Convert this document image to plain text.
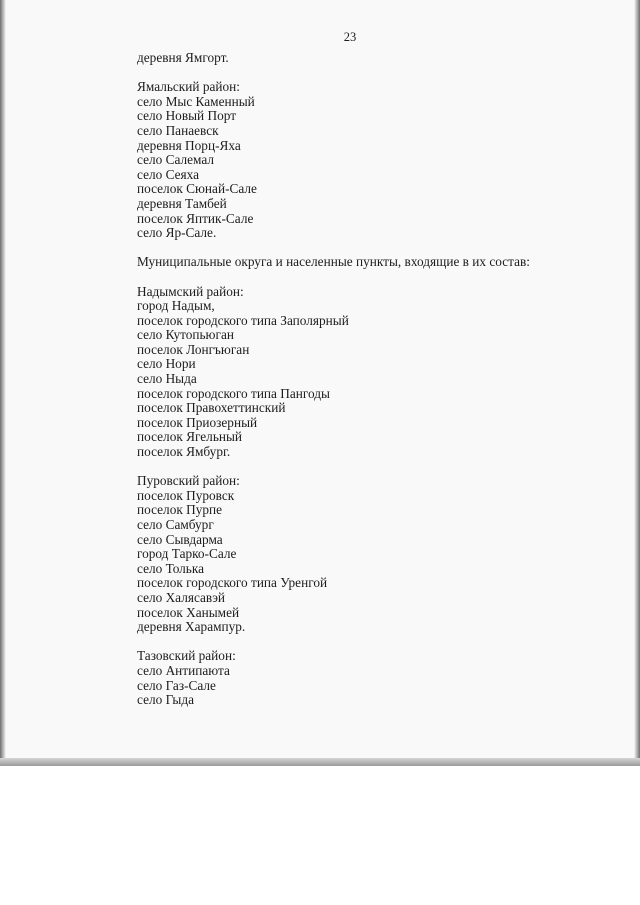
23
деревня Ямгорт.
Ямальский район:
село Мыс Каменный
село Новый Порт
село Панаевск
деревня Порц-Яха
село Салемал
село Сеяха
поселок Сюнай-Сале
деревня Тамбей
поселок Яптик-Сале
село Яр-Сале.
Муниципальные округа и населенные пункты, входящие в их состав:
Надымский район:
город Надым,
поселок городского типа Заполярный
село Кутопьюган
поселок Лонгъюган
село Нори
село Ныда
поселок городского типа Пангоды
поселок Правохеттинский
поселок Приозерный
поселок Ягельный
поселок Ямбург.
Пуровский район:
поселок Пуровск
поселок Пурпе
село Самбург
село Сывдарма
город Тарко-Сале
село Толька
поселок городского типа Уренгой
село Халясавэй
поселок Ханымей
деревня Харампур.
Тазовский район:
село Антипаюта
село Газ-Сале
село Гыда
